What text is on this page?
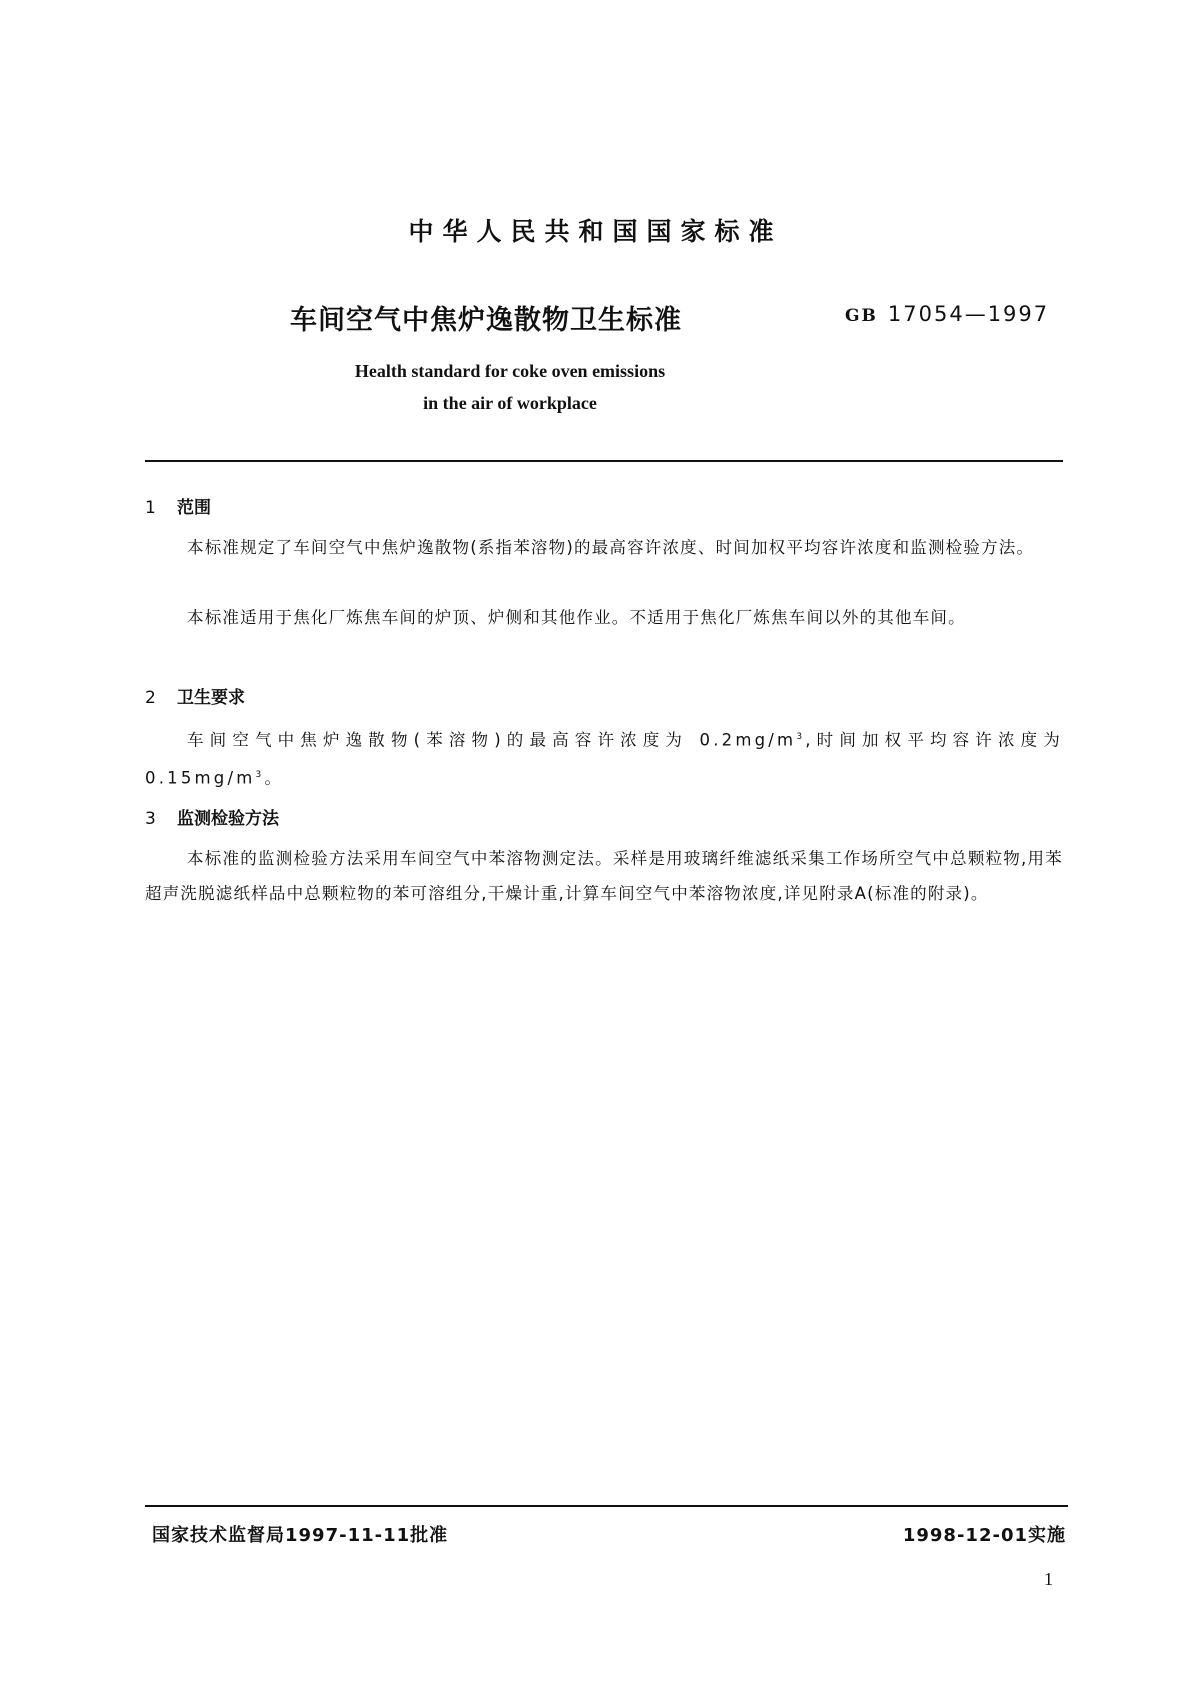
中华人民共和国国家标准
车间空气中焦炉逸散物卫生标准	GB 17054—1997
Health standard for coke oven emissions
in the air of workplace
1 范围
本标准规定了车间空气中焦炉逸散物(系指苯溶物)的最高容许浓度、时间加权平均容许浓度和监测检验方法。
本标准适用于焦化厂炼焦车间的炉顶、炉侧和其他作业。不适用于焦化厂炼焦车间以外的其他车间。
2 卫生要求
车间空气中焦炉逸散物(苯溶物)的最高容许浓度为 $0.2mg/m^3$,时间加权平均容许浓度为 $0.15mg/m^3$。
3 监测检验方法
本标准的监测检验方法采用车间空气中苯溶物测定法。采样是用玻璃纤维滤纸采集工作场所空气中总颗粒物,用苯超声洗脱滤纸样品中总颗粒物的苯可溶组分,干燥计重,计算车间空气中苯溶物浓度,详见附录A(标准的附录)。
国家技术监督局1997-11-11批准	1998-12-01实施
1
